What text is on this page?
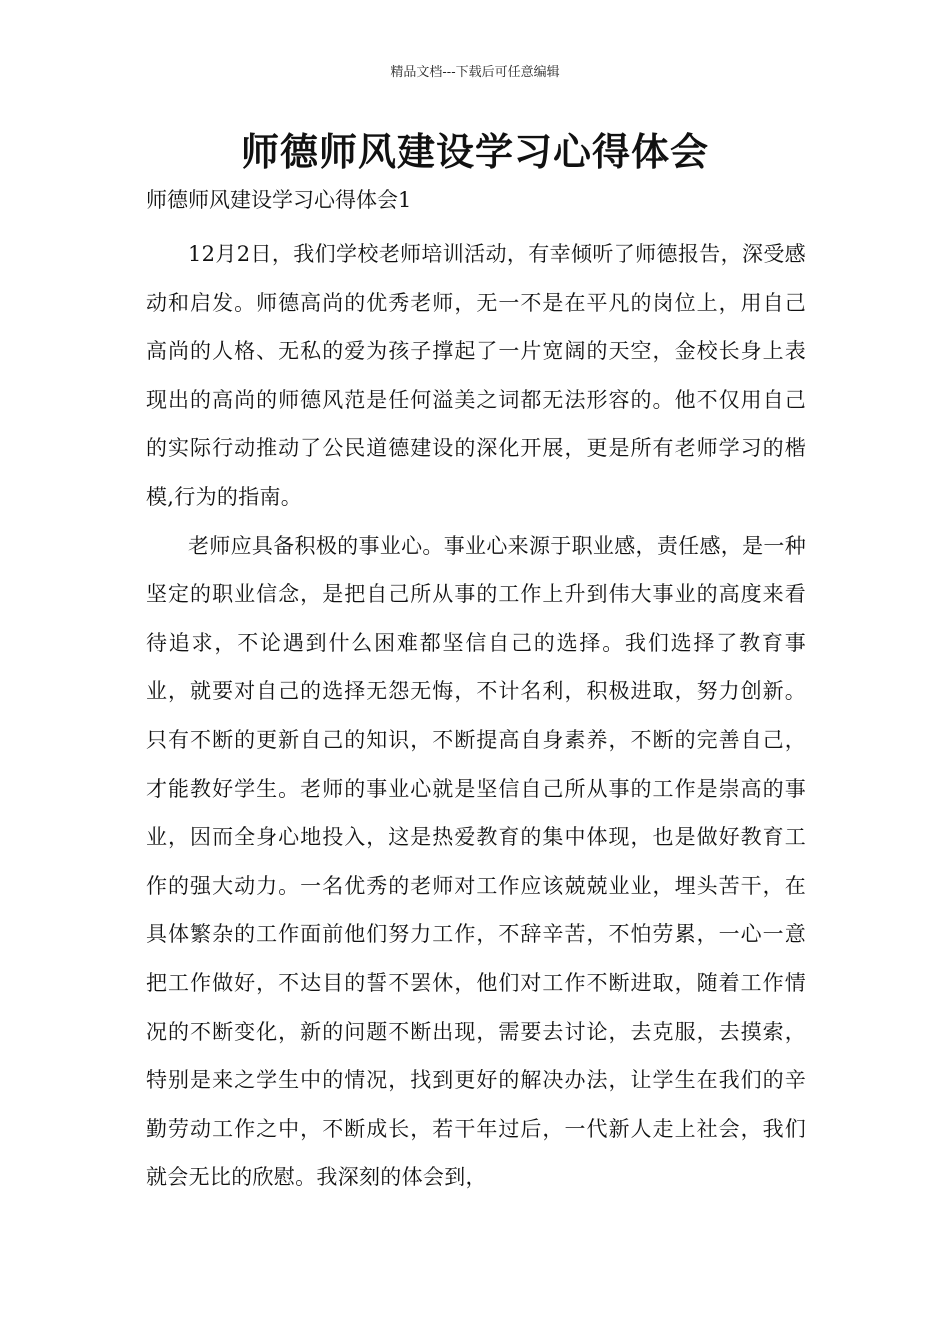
精品文档---下载后可任意编辑
师德师风建设学习心得体会

师德师风建设学习心得体会1

12月2日，我们学校老师培训活动，有幸倾听了师德报告，深受感动和启发。师德高尚的优秀老师，无一不是在平凡的岗位上，用自己高尚的人格、无私的爱为孩子撑起了一片宽阔的天空，金校长身上表现出的高尚的师德风范是任何溢美之词都无法形容的。他不仅用自己的实际行动推动了公民道德建设的深化开展，更是所有老师学习的楷模,行为的指南。

老师应具备积极的事业心。事业心来源于职业感，责任感，是一种坚定的职业信念，是把自己所从事的工作上升到伟大事业的高度来看待追求，不论遇到什么困难都坚信自己的选择。我们选择了教育事业，就要对自己的选择无怨无悔，不计名利，积极进取，努力创新。只有不断的更新自己的知识，不断提高自身素养，不断的完善自己，才能教好学生。老师的事业心就是坚信自己所从事的工作是崇高的事业，因而全身心地投入，这是热爱教育的集中体现，也是做好教育工作的强大动力。一名优秀的老师对工作应该兢兢业业，埋头苦干，在具体繁杂的工作面前他们努力工作，不辞辛苦，不怕劳累，一心一意把工作做好，不达目的誓不罢休，他们对工作不断进取，随着工作情况的不断变化，新的问题不断出现，需要去讨论，去克服，去摸索，特别是来之学生中的情况，找到更好的解决办法，让学生在我们的辛勤劳动工作之中，不断成长，若干年过后，一代新人走上社会，我们就会无比的欣慰。我深刻的体会到，
